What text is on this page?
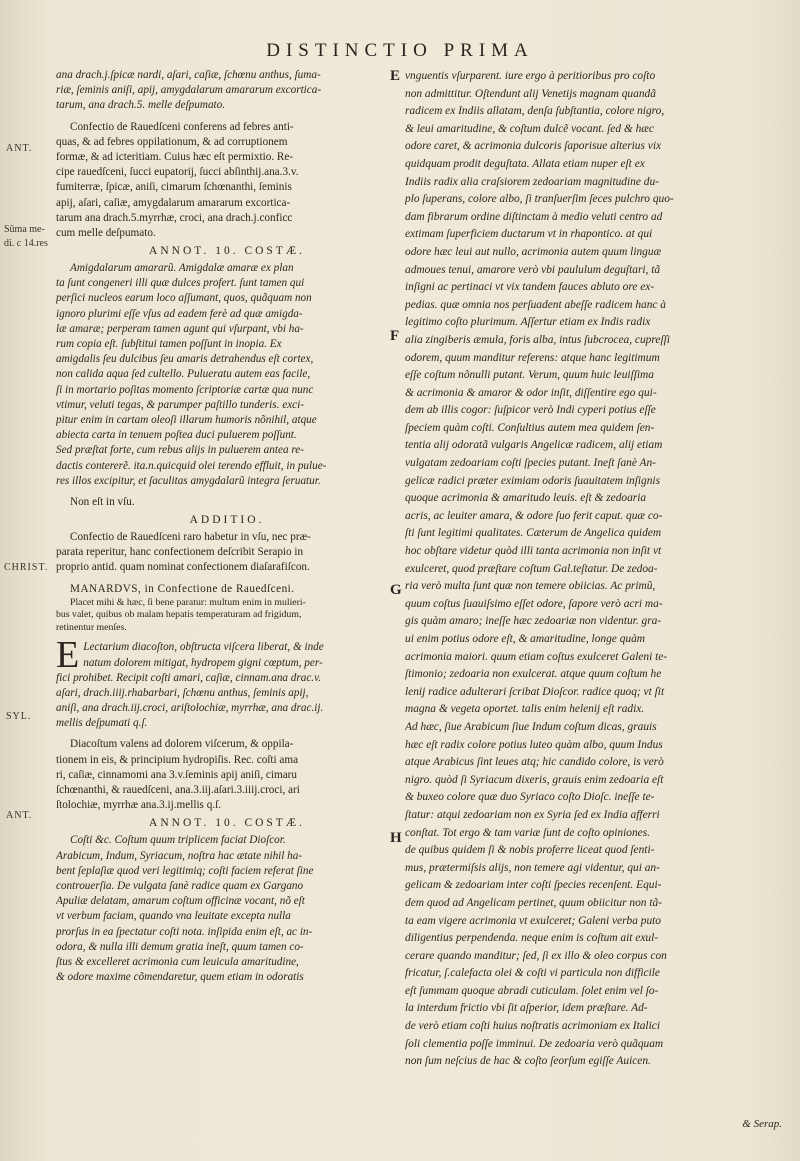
DISTINCTIO PRIMA
ANT.
Sũma me-
di. c 14.res
CHRIST.
SYL.
ANT.
E
F
G
H
ana drach.j.ſpicæ nardi, aſari, caſiæ, ſchœnu anthus, ſuma-
riæ, ſeminis aniſi, apij, amygdalarum amararum excortica-
tarum, ana drach.5. melle deſpumato.
Confectio de Rauedſceni conferens ad febres anti-
quas, & ad febres oppilationum, & ad corruptionem
formæ, & ad icteritiam. Cuius hæc eſt permixtio. Re-
cipe rauedſceni, ſucci eupatorij, ſucci abſinthij.ana.3.v.
fumiterræ, ſpicæ, aniſi, cimarum ſchœnanthi, ſeminis
apij, aſari, caſiæ, amygdalarum amararum excortica-
tarum ana drach.5.myrrhæ, croci, ana drach.j.conficc
cum melle deſpumato.
ANNOT. 10. COSTÆ.
Amigdalarum amararũ. Amigdalæ amaræ ex plan
ta ſunt congeneri illi quæ dulces profert. ſunt tamen qui
perſici nucleos earum loco aſſumant, quos, quãquam non
ignoro plurimi eſſe vſus ad eadem ferè ad quæ amigda-
læ amaræ; perperam tamen agunt qui vſurpant, vbi ha-
rum copia eſt. ſubſtitui tamen poſſunt in inopia. Ex
amigdalis ſeu dulcibus ſeu amaris detrahendus eſt cortex,
non calida aqua ſed cultello. Pulueratu autem eas facile,
ſi in mortario poſitas momento ſcriptoriæ cartæ qua nunc
vtimur, veluti tegas, & parumper paſtillo tunderis. exci-
pitur enim in cartam oleoſi illarum humoris nõnihil, atque
abiecta carta in tenuem poſtea duci puluerem poſſunt.
Sed præſtat forte, cum rebus alijs in puluerem antea re-
dactis contererẽ. ita.n.quicquid olei terendo effluit, in pulue-
res illos excipitur, et ſaculitas amygdalarũ integra ſeruatur.
Non eſt in vſu.
ADDITIO.
Confectio de Rauedſceni raro habetur in vſu, nec præ-
parata reperitur, hanc confectionem deſcribit Serapio in
proprio antid. quam nominat confectionem diaſarafiſcon.
MANARDVS, in Confectione de Rauedſceni.
Placet mihi & hæc, ſi bene paratur: multum enim in mulieri-
bus valet, quibus ob malam hepatis temperaturam ad frigidum,
retinentur menſes.
E Lectarium diacoſton, obſtructa viſcera liberat, & inde
natum dolorem mitigat, hydropem gigni cœptum, per-
fici prohibet. Recipit coſti amari, caſiæ, cinnam.ana drac.v.
aſari, drach.iiij.rhabarbari, ſchœnu anthus, ſeminis apij,
aniſi, ana drach.iij.croci, ariſtolochiæ, myrrhæ, ana drac.ij.
mellis deſpumati q.ſ.
Diacoſtum valens ad dolorem viſcerum, & oppila-
tionem in eis, & principium hydropiſis. Rec. coſti ama
ri, caſiæ, cinnamomi ana 3.v.ſeminis apij aniſi, cimaru
ſchœnanthi, & rauedſceni, ana.3.iij.aſari.3.iiij.croci, ari
ſtolochiæ, myrrhæ ana.3.ij.mellis q.ſ.
ANNOT. 10. COSTÆ.
Coſti &c. Coſtum quum triplicem faciat Dioſcor.
Arabicum, Indum, Syriacum, noſtra hac ætate nihil ha-
bent ſeplaſiæ quod veri legitimiq; coſti faciem referat ſine
controuerſia. De vulgata ſanè radice quam ex Gargano
Apuliæ delatam, amarum coſtum officinæ vocant, nõ eſt
vt verbum faciam, quando vna leuitate excepta nulla
prorſus in ea ſpectatur coſti nota. inſipida enim eſt, ac in-
odora, & nulla illi demum gratia ineſt, quum tamen co-
ſtus & excelleret acrimonia cum leuicula amaritudine,
& odore maxime cõmendaretur, quem etiam in odoratis
vnguentis vſurparent. iure ergo à peritioribus pro coſto
non admittitur. Oſtendunt alij Venetijs magnam quandã
radicem ex Indiis allatam, denſa ſubſtantia, colore nigro,
& leui amaritudine, & coſtum dulcẽ vocant. ſed & hæc
odore caret, & acrimonia dulcoris ſaporisue alterius vix
quidquam prodit deguſtata. Allata etiam nuper eſt ex
Indiis radix alia craſsiorem zedoariam magnitudine du-
plo ſuperans, colore albo, ſi tranſuerſim ſeces pulchro quo-
dam fibrarum ordine diſtinctam à medio veluti centro ad
extimam ſuperficiem ductarum vt in rhapontico. at qui
odore hæc leui aut nullo, acrimonia autem quum linguæ
admoues tenui, amarore verò vbi paululum deguſtari, tã
inſigni ac pertinaci vt vix tandem fauces abluto ore ex-
pedias. quæ omnia nos perſuadent abeſſe radicem hanc à
legitimo coſto plurimum. Aſſertur etiam ex Indis radix
alia zingiberis æmula, foris alba, intus ſubcrocea, cupreſſi
odorem, quum manditur referens: atque hanc legitimum
eſſe coſtum nõnulli putant. Verum, quum huic leuiſſima
& acrimonia & amaror & odor inſit, diſſentire ego qui-
dem ab illis cogor: ſuſpicor verò Indi cyperi potius eſſe
ſpeciem quàm coſti. Conſultius autem mea quidem ſen-
tentia alij odoratã vulgaris Angelicæ radicem, alij etiam
vulgatam zedoariam coſti ſpecies putant. Ineſt ſanè An-
gelicæ radici præter eximiam odoris ſuauitatem inſignis
quoque acrimonia & amaritudo leuis. eſt & zedoaria
acris, ac leuiter amara, & odore ſuo ferit caput. quæ co-
ſti ſunt legitimi qualitates. Cæterum de Angelica quidem
hoc obſtare videtur quòd illi tanta acrimonia non inſit vt
exulceret, quod præſtare coſtum Gal.teſtatur. De zedoa-
ria verò multa ſunt quæ non temere obiicias. Ac primũ,
quum coſtus ſuauiſsimo eſſet odore, ſapore verò acri ma-
gis quàm amaro; ineſſe hæc zedoariæ non videntur. gra-
ui enim potius odore eſt, & amaritudine, longe quàm
acrimonia maiori. quum etiam coſtus exulceret Galeni te-
ſtimonio; zedoaria non exulcerat. atque quum coſtum he
lenij radice adulterari ſcribat Dioſcor. radice quoq; vt ſit
magna & vegeta oportet. talis enim helenij eſt radix.
Ad hæc, ſiue Arabicum ſiue Indum coſtum dicas, grauis
hæc eſt radix colore potius luteo quàm albo, quum Indus
atque Arabicus ſint leues atq; hic candido colore, is verò
nigro. quòd ſi Syriacum dixeris, grauis enim zedoaria eſt
& buxeo colore quæ duo Syriaco coſto Dioſc. ineſſe te-
ſtatur: atqui zedoariam non ex Syria ſed ex India afferri
conſtat. Tot ergo & tam variæ ſunt de coſto opiniones.
de quibus quidem ſi & nobis proferre liceat quod ſenti-
mus, prætermiſsis alijs, non temere agi videntur, qui an-
gelicam & zedoariam inter coſti ſpecies recenſent. Equi-
dem quod ad Angelicam pertinet, quum obiicitur non tã-
ta eam vigere acrimonia vt exulceret; Galeni verba puto
diligentius perpendenda. neque enim is coſtum ait exul-
cerare quando manditur; ſed, ſi ex illo & oleo corpus con
fricatur, ſ.calefacta olei & coſti vi particula non difficile
eſt ſummam quoque abradi cuticulam. ſolet enim vel ſo-
la interdum frictio vbi ſit aſperior, idem præſtare. Ad-
de verò etiam coſti huius noſtratis acrimoniam ex Italici
ſoli clementia poſſe imminui. De zedoaria verò quãquam
non ſum neſcius de hac & coſto ſeorſum egiſſe Auicen.
& Serap.
